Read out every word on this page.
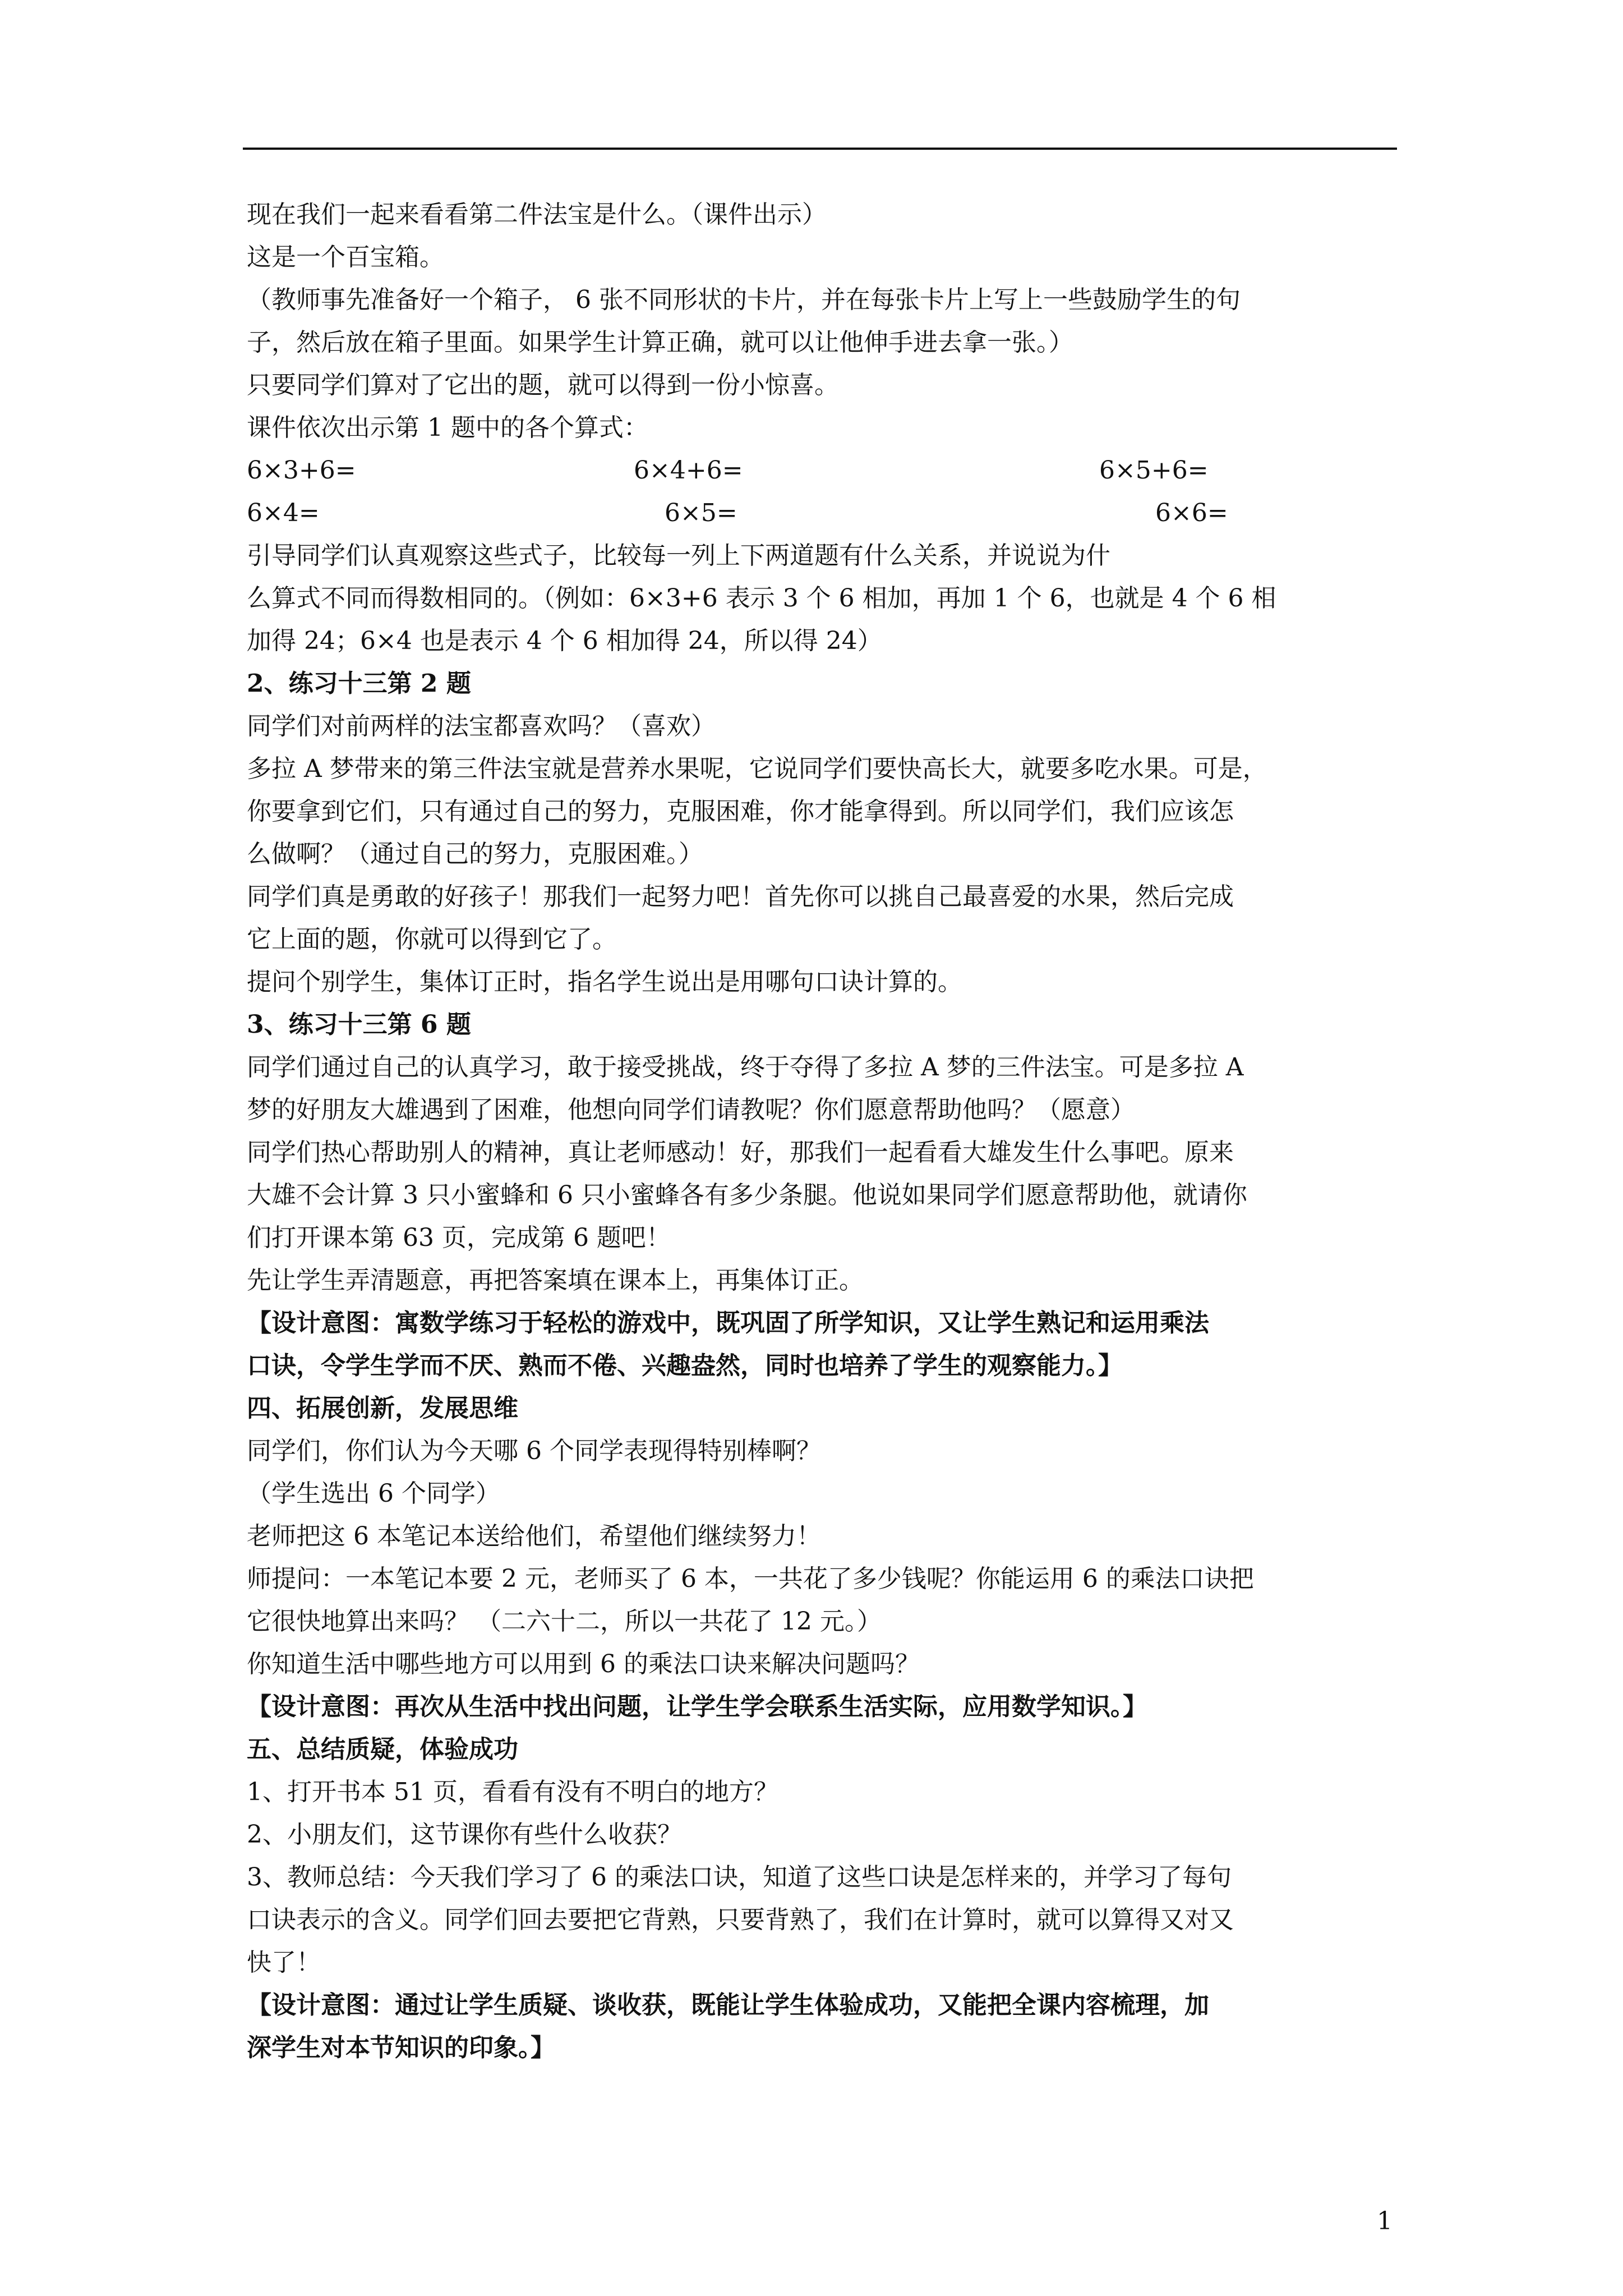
现在我们一起来看看第二件法宝是什么。（课件出示）
这是一个百宝箱。
（教师事先准备好一个箱子， 6 张不同形状的卡片，并在每张卡片上写上一些鼓励学生的句
子，然后放在箱子里面。如果学生计算正确，就可以让他伸手进去拿一张。）
只要同学们算对了它出的题，就可以得到一份小惊喜。
课件依次出示第 1 题中的各个算式：
6×3+6=	6×4+6=	6×5+6=
6×4=	6×5=	6×6=
引导同学们认真观察这些式子，比较每一列上下两道题有什么关系，并说说为什
么算式不同而得数相同的。（例如：6×3+6 表示 3 个 6 相加，再加 1 个 6，也就是 4 个 6 相
加得 24；6×4 也是表示 4 个 6 相加得 24，所以得 24）
2、练习十三第 2 题
同学们对前两样的法宝都喜欢吗？（喜欢）
多拉 A 梦带来的第三件法宝就是营养水果呢，它说同学们要快高长大，就要多吃水果。可是，
你要拿到它们，只有通过自己的努力，克服困难，你才能拿得到。所以同学们，我们应该怎
么做啊？（通过自己的努力，克服困难。）
同学们真是勇敢的好孩子！那我们一起努力吧！首先你可以挑自己最喜爱的水果，然后完成
它上面的题，你就可以得到它了。
提问个别学生，集体订正时，指名学生说出是用哪句口诀计算的。
3、练习十三第 6 题
同学们通过自己的认真学习，敢于接受挑战，终于夺得了多拉 A 梦的三件法宝。可是多拉 A
梦的好朋友大雄遇到了困难，他想向同学们请教呢？你们愿意帮助他吗？（愿意）
同学们热心帮助别人的精神，真让老师感动！好，那我们一起看看大雄发生什么事吧。原来
大雄不会计算 3 只小蜜蜂和 6 只小蜜蜂各有多少条腿。他说如果同学们愿意帮助他，就请你
们打开课本第 63 页，完成第 6 题吧！
先让学生弄清题意，再把答案填在课本上，再集体订正。
【设计意图：寓数学练习于轻松的游戏中，既巩固了所学知识，又让学生熟记和运用乘法
口诀，令学生学而不厌、熟而不倦、兴趣盎然，同时也培养了学生的观察能力。】
四、拓展创新，发展思维
同学们，你们认为今天哪 6 个同学表现得特别棒啊？
（学生选出 6 个同学）
老师把这 6 本笔记本送给他们，希望他们继续努力！
师提问：一本笔记本要 2 元，老师买了 6 本，一共花了多少钱呢？你能运用 6 的乘法口诀把
它很快地算出来吗？ （二六十二，所以一共花了 12 元。）
你知道生活中哪些地方可以用到 6 的乘法口诀来解决问题吗？
【设计意图：再次从生活中找出问题，让学生学会联系生活实际，应用数学知识。】
五、总结质疑，体验成功
1、打开书本 51 页，看看有没有不明白的地方？
2、小朋友们，这节课你有些什么收获？
3、教师总结：今天我们学习了 6 的乘法口诀，知道了这些口诀是怎样来的，并学习了每句
口诀表示的含义。同学们回去要把它背熟，只要背熟了，我们在计算时，就可以算得又对又
快了！
【设计意图：通过让学生质疑、谈收获，既能让学生体验成功，又能把全课内容梳理，加
深学生对本节知识的印象。】
1
